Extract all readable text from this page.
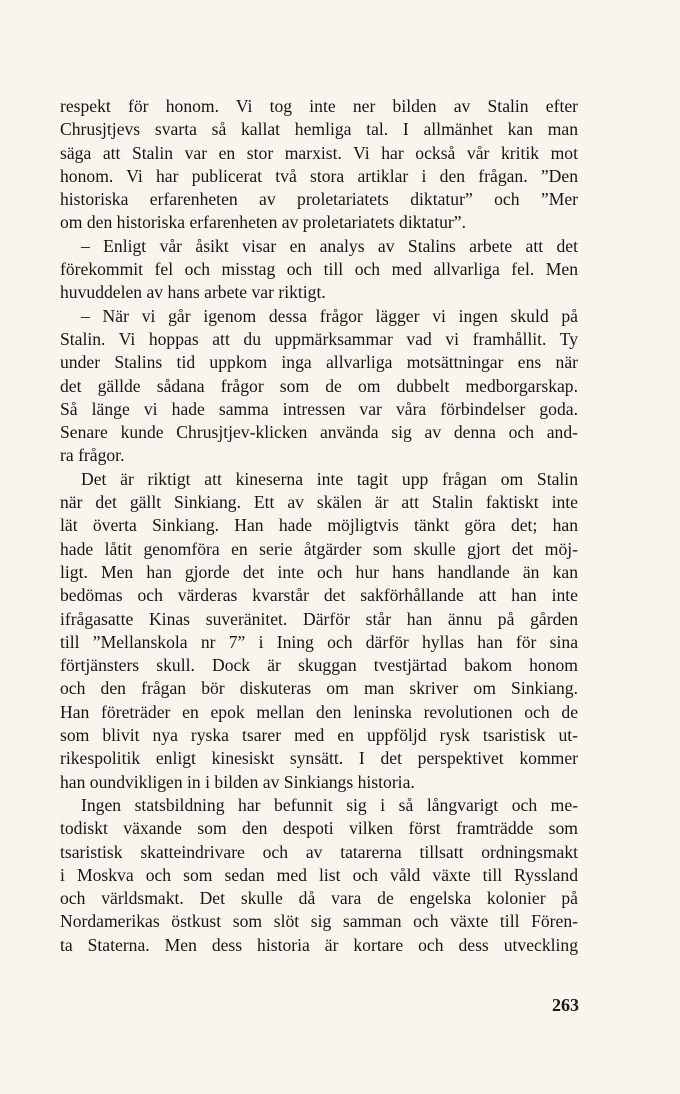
respekt för honom. Vi tog inte ner bilden av Stalin efter
Chrusjtjevs svarta så kallat hemliga tal. I allmänhet kan man
säga att Stalin var en stor marxist. Vi har också vår kritik mot
honom. Vi har publicerat två stora artiklar i den frågan. ”Den
historiska erfarenheten av proletariatets diktatur” och ”Mer
om den historiska erfarenheten av proletariatets diktatur”.
– Enligt vår åsikt visar en analys av Stalins arbete att det
förekommit fel och misstag och till och med allvarliga fel. Men
huvuddelen av hans arbete var riktigt.
– När vi går igenom dessa frågor lägger vi ingen skuld på
Stalin. Vi hoppas att du uppmärksammar vad vi framhållit. Ty
under Stalins tid uppkom inga allvarliga motsättningar ens när
det gällde sådana frågor som de om dubbelt medborgarskap.
Så länge vi hade samma intressen var våra förbindelser goda.
Senare kunde Chrusjtjev-klicken använda sig av denna och and-
ra frågor.
Det är riktigt att kineserna inte tagit upp frågan om Stalin
när det gällt Sinkiang. Ett av skälen är att Stalin faktiskt inte
lät överta Sinkiang. Han hade möjligtvis tänkt göra det; han
hade låtit genomföra en serie åtgärder som skulle gjort det möj-
ligt. Men han gjorde det inte och hur hans handlande än kan
bedömas och värderas kvarstår det sakförhållande att han inte
ifrågasatte Kinas suveränitet. Därför står han ännu på gården
till ”Mellanskola nr 7” i Ining och därför hyllas han för sina
förtjänsters skull. Dock är skuggan tvestjärtad bakom honom
och den frågan bör diskuteras om man skriver om Sinkiang.
Han företräder en epok mellan den leninska revolutionen och de
som blivit nya ryska tsarer med en uppföljd rysk tsaristisk ut-
rikespolitik enligt kinesiskt synsätt. I det perspektivet kommer
han oundvikligen in i bilden av Sinkiangs historia.
Ingen statsbildning har befunnit sig i så långvarigt och me-
todiskt växande som den despoti vilken först framträdde som
tsaristisk skatteindrivare och av tatarerna tillsatt ordningsmakt
i Moskva och som sedan med list och våld växte till Ryssland
och världsmakt. Det skulle då vara de engelska kolonier på
Nordamerikas östkust som slöt sig samman och växte till Fören-
ta Staterna. Men dess historia är kortare och dess utveckling
263
